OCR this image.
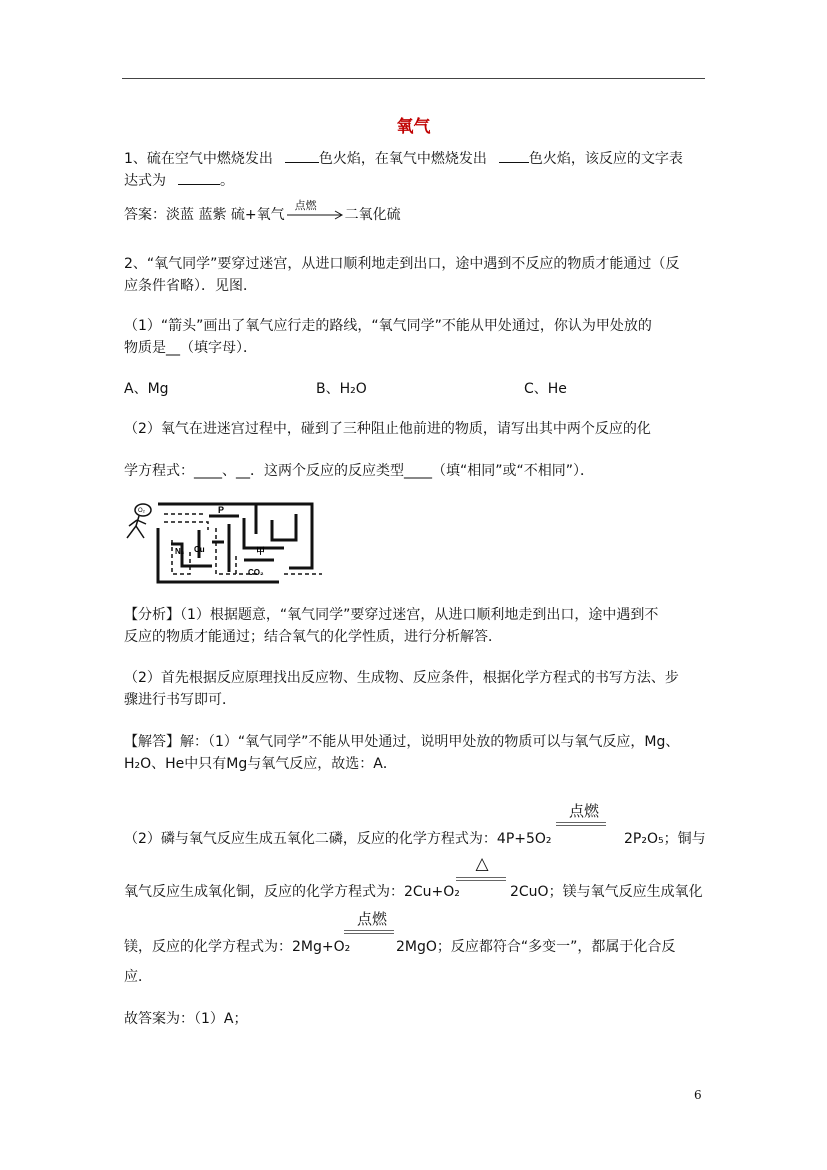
氧气
1、硫在空气中燃烧发出	色火焰，在氧气中燃烧发出	色火焰，该反应的文字表
达式为	。
答案：淡蓝 蓝紫 硫+氧气
点燃
二氧化硫
2、“氧气同学”要穿过迷宫，从进口顺利地走到出口，途中遇到不反应的物质才能通过（反
应条件省略）．见图．
（1）“箭头”画出了氧气应行走的路线，“氧气同学”不能从甲处通过，你认为甲处放的
物质是__（填字母）．
A、Mg	B、H₂O	C、He
（2）氧气在进迷宫过程中，碰到了三种阻止他前进的物质，请写出其中两个反应的化
学方程式：____、__．这两个反应的反应类型____（填“相同”或“不相同”）．
O₂	P
N₂ Cu	甲
CO₂
【分析】（1）根据题意，“氧气同学”要穿过迷宫，从进口顺利地走到出口，途中遇到不
反应的物质才能通过；结合氧气的化学性质，进行分析解答．
（2）首先根据反应原理找出反应物、生成物、反应条件，根据化学方程式的书写方法、步
骤进行书写即可．
【解答】解：（1）“氧气同学”不能从甲处通过，说明甲处放的物质可以与氧气反应，Mg、
H₂O、He中只有Mg与氧气反应，故选：A．
点燃
（2）磷与氧气反应生成五氧化二磷，反应的化学方程式为：4P+5O₂	2P₂O₅；铜与
△
氧气反应生成氧化铜，反应的化学方程式为：2Cu+O₂	2CuO；镁与氧气反应生成氧化
点燃
镁，反应的化学方程式为：2Mg+O₂	2MgO；反应都符合“多变一”，都属于化合反
应．
故答案为：（1）A；
6
